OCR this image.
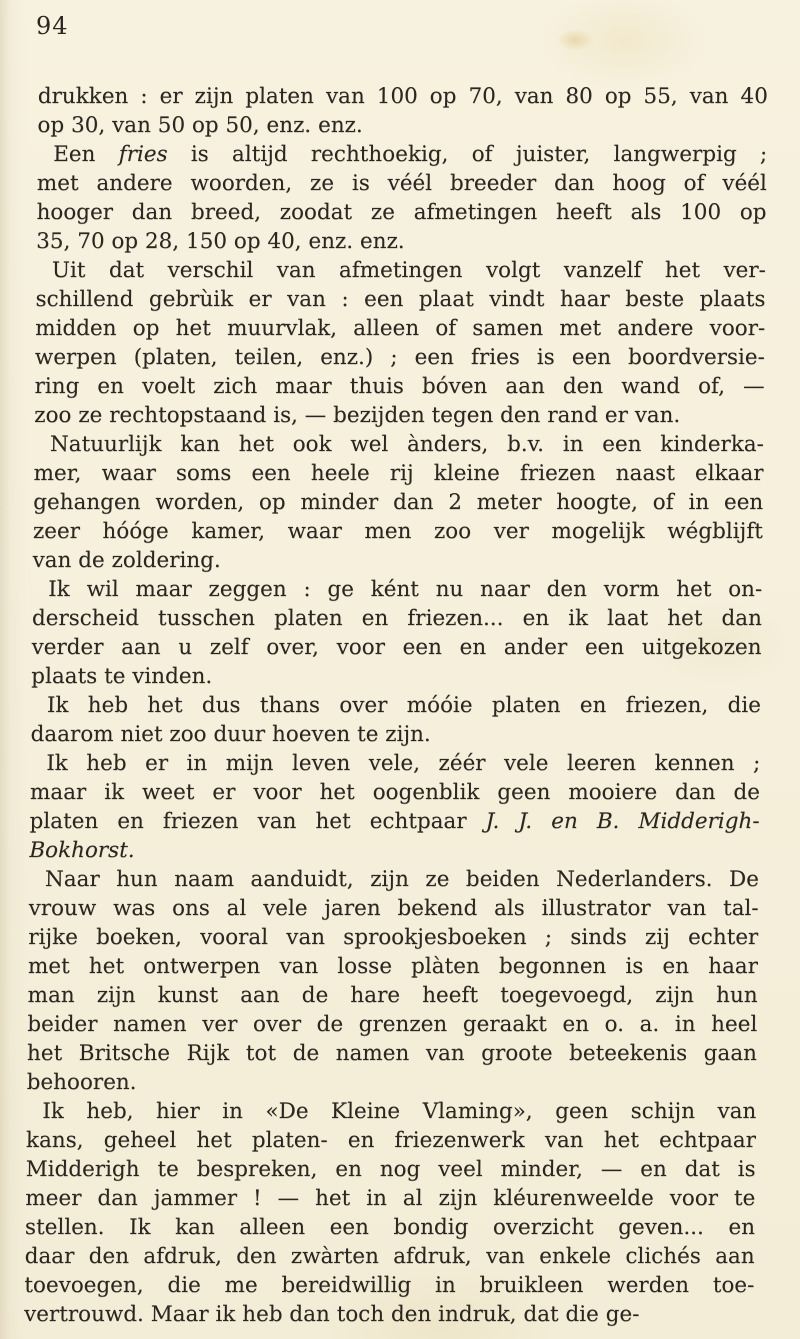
94
drukken : er zijn platen van 100 op 70, van 80 op 55, van 40
op 30, van 50 op 50, enz. enz.
Een fries is altijd rechthoekig, of juister, langwerpig ;
met andere woorden, ze is véél breeder dan hoog of véél
hooger dan breed, zoodat ze afmetingen heeft als 100 op
35, 70 op 28, 150 op 40, enz. enz.
Uit dat verschil van afmetingen volgt vanzelf het ver-
schillend gebrùik er van : een plaat vindt haar beste plaats
midden op het muurvlak, alleen of samen met andere voor-
werpen (platen, teilen, enz.) ; een fries is een boordversie-
ring en voelt zich maar thuis bóven aan den wand of, —
zoo ze rechtopstaand is, — bezijden tegen den rand er van.
Natuurlijk kan het ook wel ànders, b.v. in een kinderka-
mer, waar soms een heele rij kleine friezen naast elkaar
gehangen worden, op minder dan 2 meter hoogte, of in een
zeer hóóge kamer, waar men zoo ver mogelijk wégblijft
van de zoldering.
Ik wil maar zeggen : ge ként nu naar den vorm het on-
derscheid tusschen platen en friezen... en ik laat het dan
verder aan u zelf over, voor een en ander een uitgekozen
plaats te vinden.
Ik heb het dus thans over móóie platen en friezen, die
daarom niet zoo duur hoeven te zijn.
Ik heb er in mijn leven vele, zéér vele leeren kennen ;
maar ik weet er voor het oogenblik geen mooiere dan de
platen en friezen van het echtpaar J. J. en B. Midderigh-
Bokhorst.
Naar hun naam aanduidt, zijn ze beiden Nederlanders. De
vrouw was ons al vele jaren bekend als illustrator van tal-
rijke boeken, vooral van sprookjesboeken ; sinds zij echter
met het ontwerpen van losse plàten begonnen is en haar
man zijn kunst aan de hare heeft toegevoegd, zijn hun
beider namen ver over de grenzen geraakt en o. a. in heel
het Britsche Rijk tot de namen van groote beteekenis gaan
behooren.
Ik heb, hier in «De Kleine Vlaming», geen schijn van
kans, geheel het platen- en friezenwerk van het echtpaar
Midderigh te bespreken, en nog veel minder, — en dat is
meer dan jammer ! — het in al zijn kléurenweelde voor te
stellen. Ik kan alleen een bondig overzicht geven... en
daar den afdruk, den zwàrten afdruk, van enkele clichés aan
toevoegen, die me bereidwillig in bruikleen werden toe-
vertrouwd. Maar ik heb dan toch den indruk, dat die ge-
